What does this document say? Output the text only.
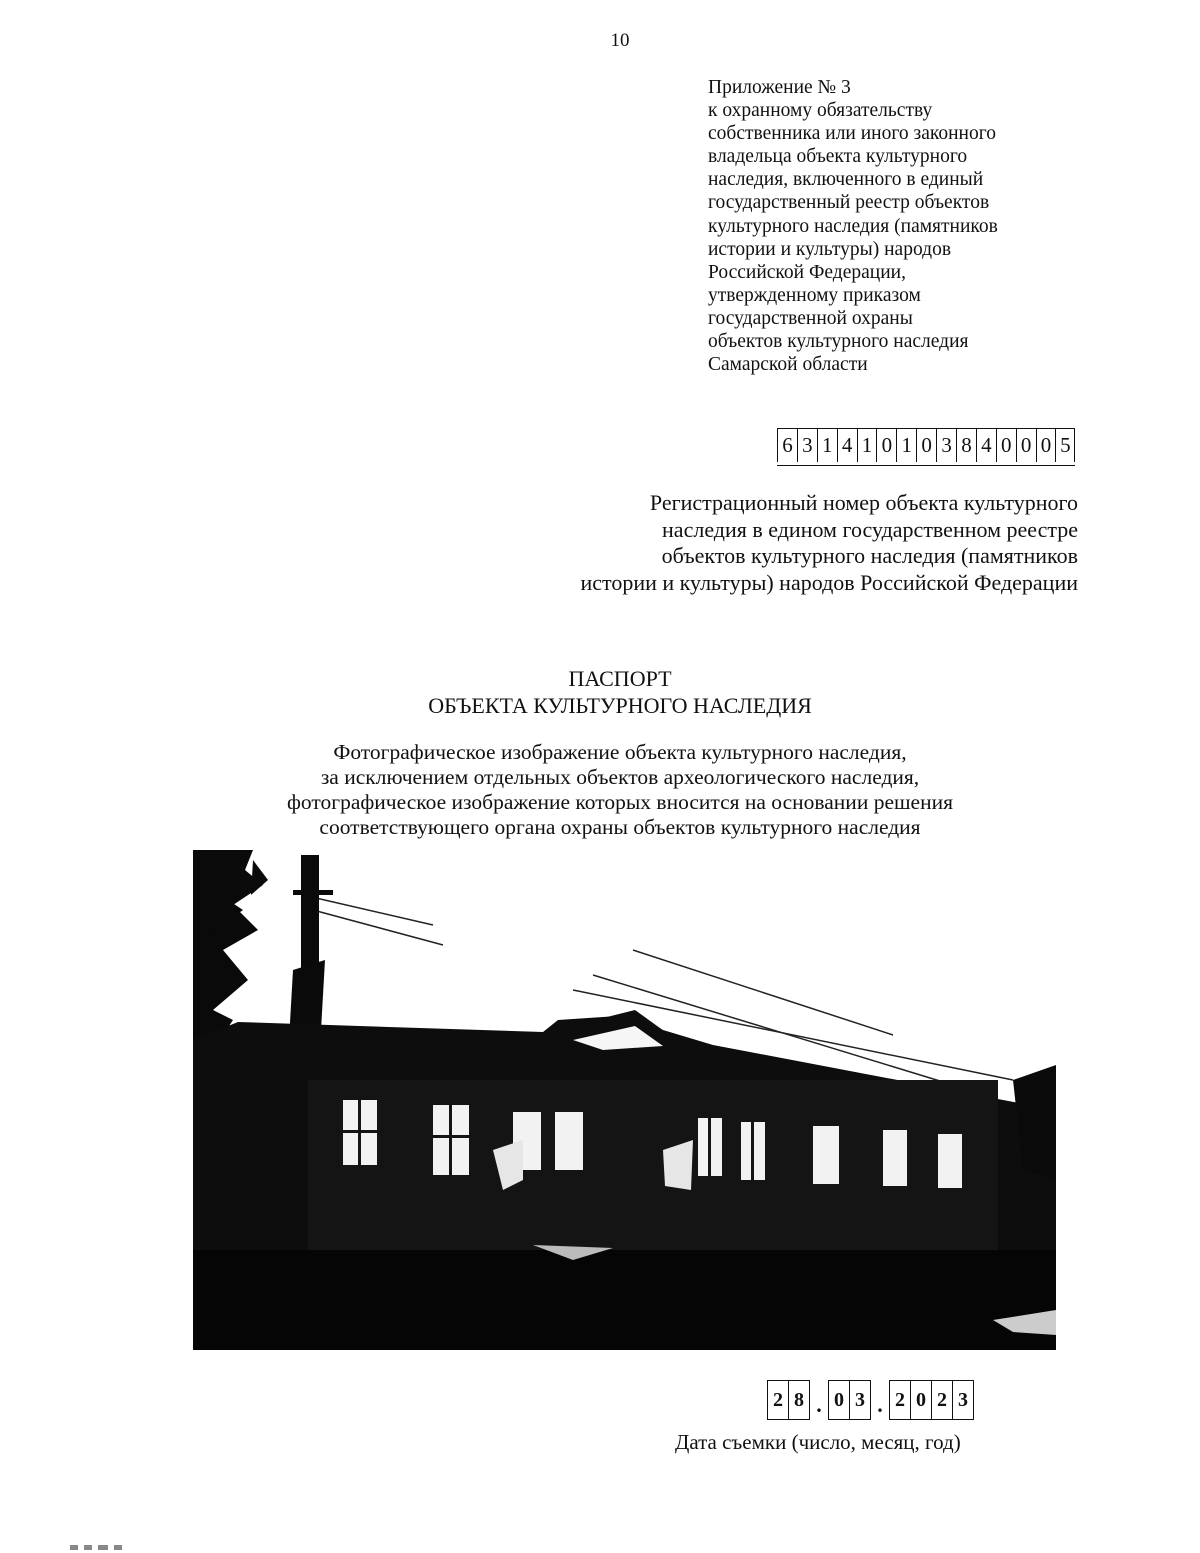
10
Приложение № 3
к охранному обязательству
собственника или иного законного
владельца объекта культурного
наследия, включенного в единый
государственный реестр объектов
культурного наследия (памятников
истории и культуры) народов
Российской Федерации,
утвержденному приказом
государственной охраны
объектов культурного наследия
Самарской области
6 3 1 4 1 0 1 0 3 8 4 0 0 0 5
Регистрационный номер объекта культурного
наследия в едином государственном реестре
объектов культурного наследия (памятников
истории и культуры) народов Российской Федерации
ПАСПОРТ
ОБЪЕКТА КУЛЬТУРНОГО НАСЛЕДИЯ
Фотографическое изображение объекта культурного наследия,
за исключением отдельных объектов археологического наследия,
фотографическое изображение которых вносится на основании решения
соответствующего органа охраны объектов культурного наследия
2 8 . 0 3 . 2 0 2 3
Дата съемки (число, месяц, год)
